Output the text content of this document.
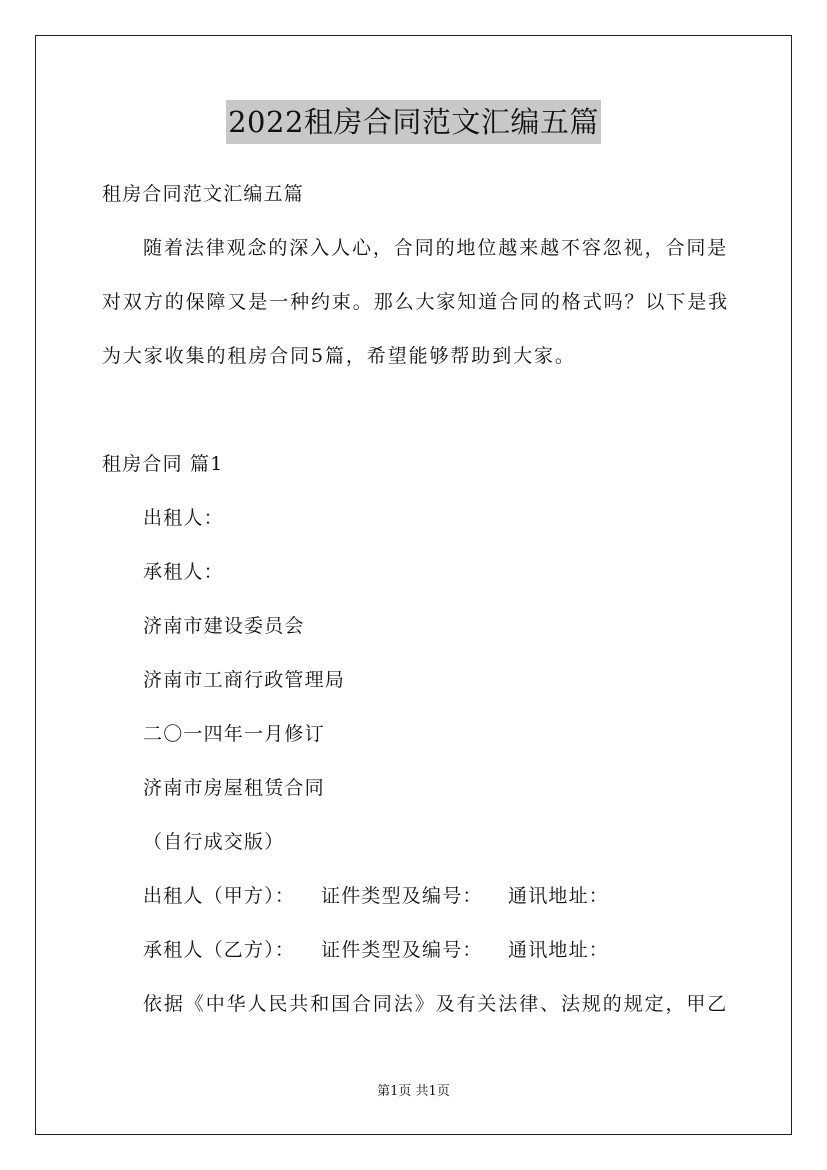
2022租房合同范文汇编五篇
租房合同范文汇编五篇
随着法律观念的深入人心，合同的地位越来越不容忽视，合同是
对双方的保障又是一种约束。那么大家知道合同的格式吗？以下是我
为大家收集的租房合同5篇，希望能够帮助到大家。
租房合同 篇1
出租人：
承租人：
济南市建设委员会
济南市工商行政管理局
二〇一四年一月修订
济南市房屋租赁合同
（自行成交版）
出租人（甲方）： 证件类型及编号： 通讯地址：
承租人（乙方）： 证件类型及编号： 通讯地址：
依据《中华人民共和国合同法》及有关法律、法规的规定，甲乙
第1页 共1页
